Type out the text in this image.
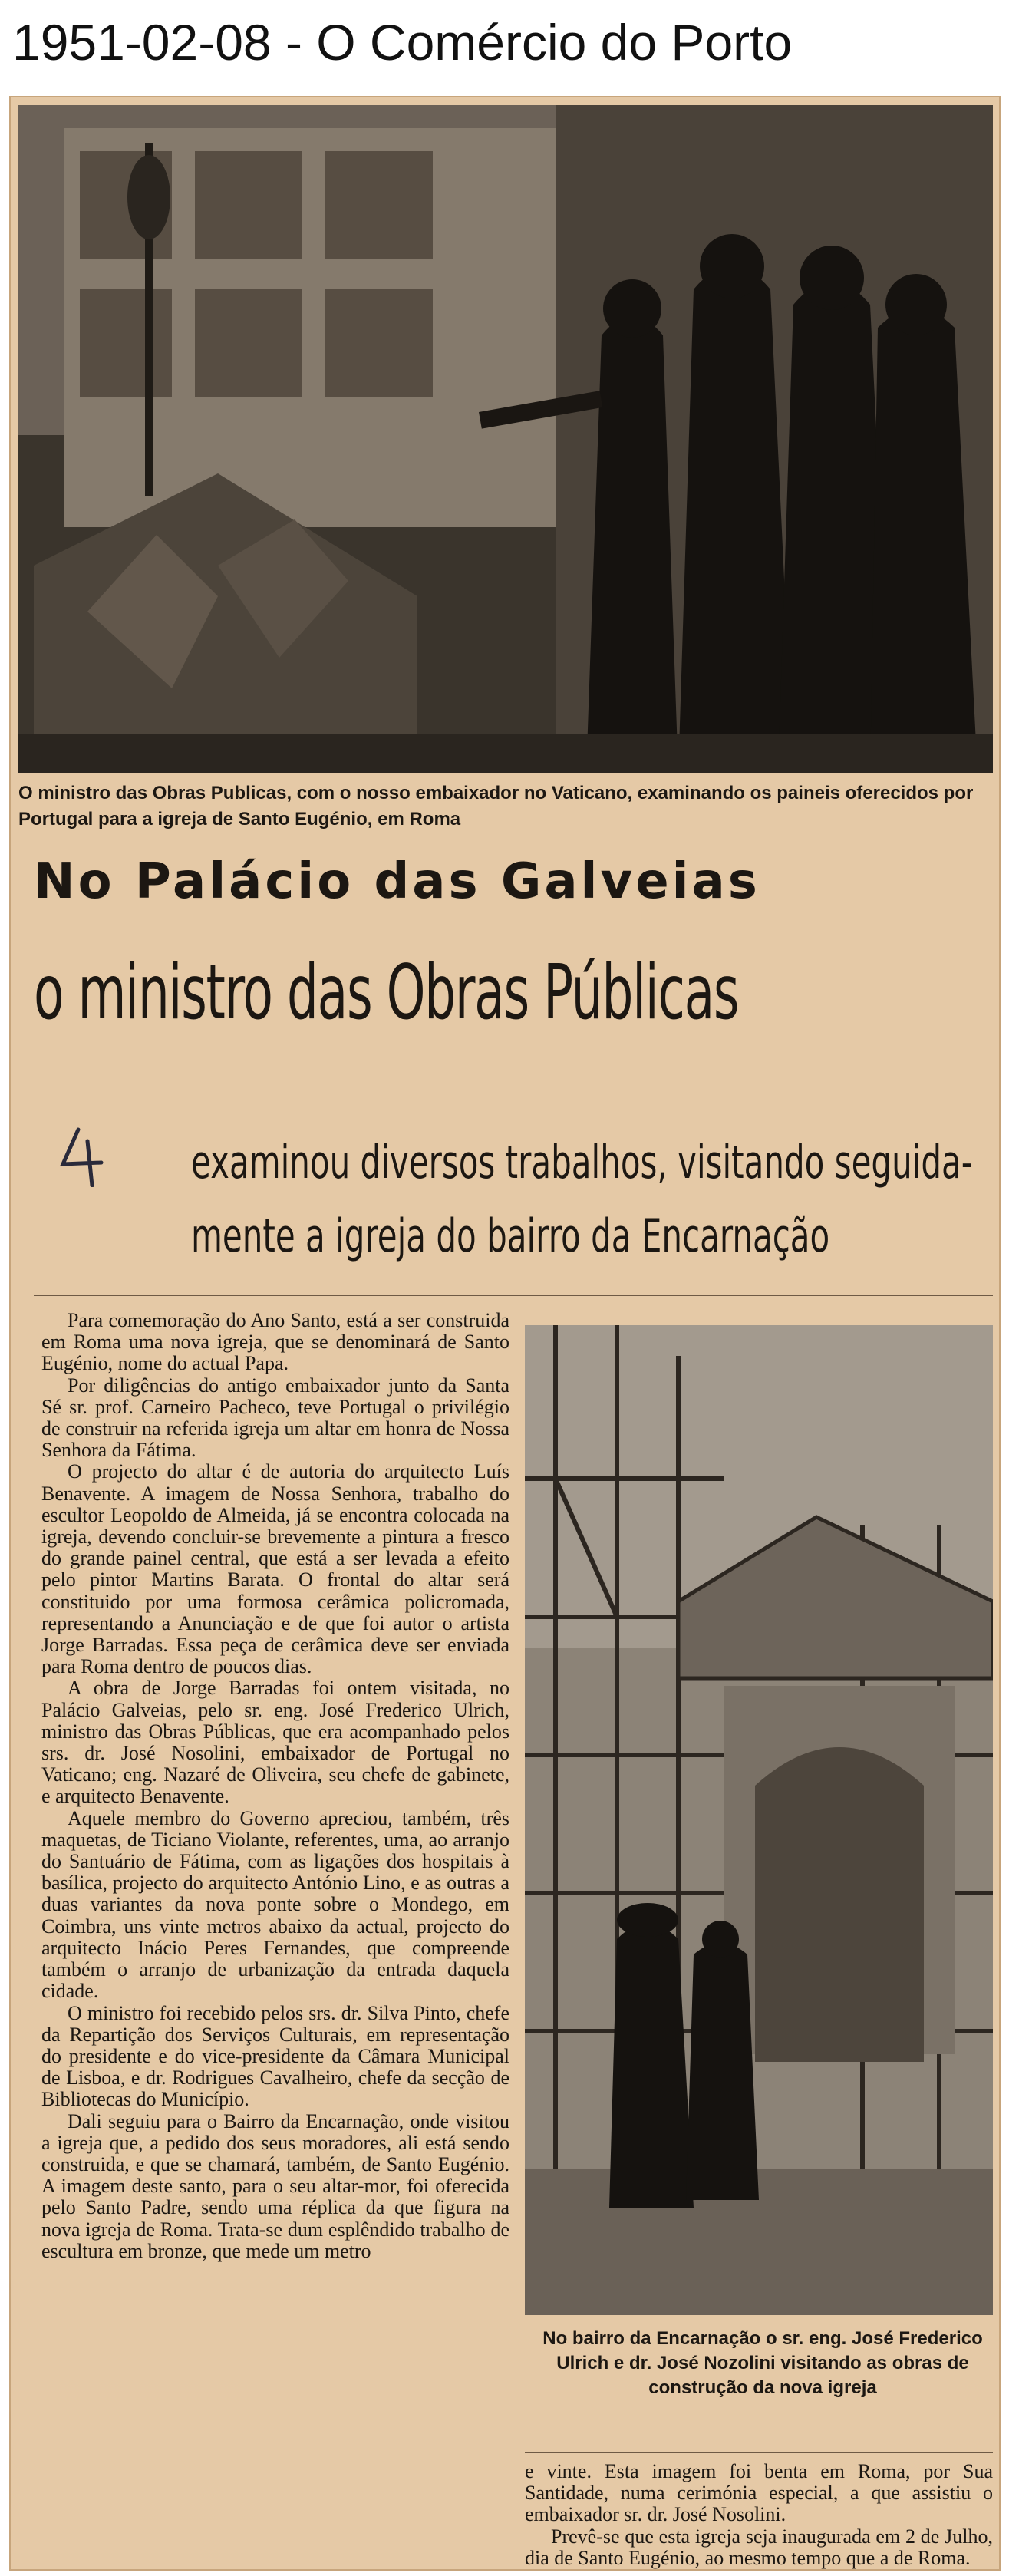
1951-02-08 - O Comércio do Porto
O ministro das Obras Publicas, com o nosso embaixador no Vaticano, examinando os paineis oferecidos por Portugal para a igreja de Santo Eugénio, em Roma
No Palácio das Galveias
o ministro das Obras Públicas
examinou diversos trabalhos, visitando seguida-
mente a igreja do bairro da Encarnação

Para comemoração do Ano Santo, está a ser construida em Roma uma nova igreja, que se denominará de Santo Eugénio, nome do actual Papa.

Por diligências do antigo embaixador junto da Santa Sé sr. prof. Carneiro Pacheco, teve Portugal o privilégio de construir na referida igreja um altar em honra de Nossa Senhora da Fátima.

O projecto do altar é de autoria do arquitecto Luís Benavente. A imagem de Nossa Senhora, trabalho do escultor Leopoldo de Almeida, já se encontra colocada na igreja, devendo concluir-se brevemente a pintura a fresco do grande painel central, que está a ser levada a efeito pelo pintor Martins Barata. O frontal do altar será constituido por uma formosa cerâmica policromada, representando a Anunciação e de que foi autor o artista Jorge Barradas. Essa peça de cerâmica deve ser enviada para Roma dentro de poucos dias.

A obra de Jorge Barradas foi ontem visitada, no Palácio Galveias, pelo sr. eng. José Frederico Ulrich, ministro das Obras Públicas, que era acompanhado pelos srs. dr. José Nosolini, embaixador de Portugal no Vaticano; eng. Nazaré de Oliveira, seu chefe de gabinete, e arquitecto Benavente.

Aquele membro do Governo apreciou, também, três maquetas, de Ticiano Violante, referentes, uma, ao arranjo do Santuário de Fátima, com as ligações dos hospitais à basílica, projecto do arquitecto António Lino, e as outras a duas variantes da nova ponte sobre o Mondego, em Coimbra, uns vinte metros abaixo da actual, projecto do arquitecto Inácio Peres Fernandes, que compreende também o arranjo de urbanização da entrada daquela cidade.

O ministro foi recebido pelos srs. dr. Silva Pinto, chefe da Repartição dos Serviços Culturais, em representação do presidente e do vice-presidente da Câmara Municipal de Lisboa, e dr. Rodrigues Cavalheiro, chefe da secção de Bibliotecas do Município.

Dali seguiu para o Bairro da Encarnação, onde visitou a igreja que, a pedido dos seus moradores, ali está sendo construida, e que se chamará, também, de Santo Eugénio. A imagem deste santo, para o seu altar-mor, foi oferecida pelo Santo Padre, sendo uma réplica da que figura na nova igreja de Roma. Trata-se dum esplêndido trabalho de escultura em bronze, que mede um metro

No bairro da Encarnação o sr. eng. José Frederico Ulrich e dr. José Nozolini visitando as obras de construção da nova igreja

e vinte. Esta imagem foi benta em Roma, por Sua Santidade, numa cerimónia especial, a que assistiu o embaixador sr. dr. José Nosolini.

Prevê-se que esta igreja seja inaugurada em 2 de Julho, dia de Santo Eugénio, ao mesmo tempo que a de Roma.
